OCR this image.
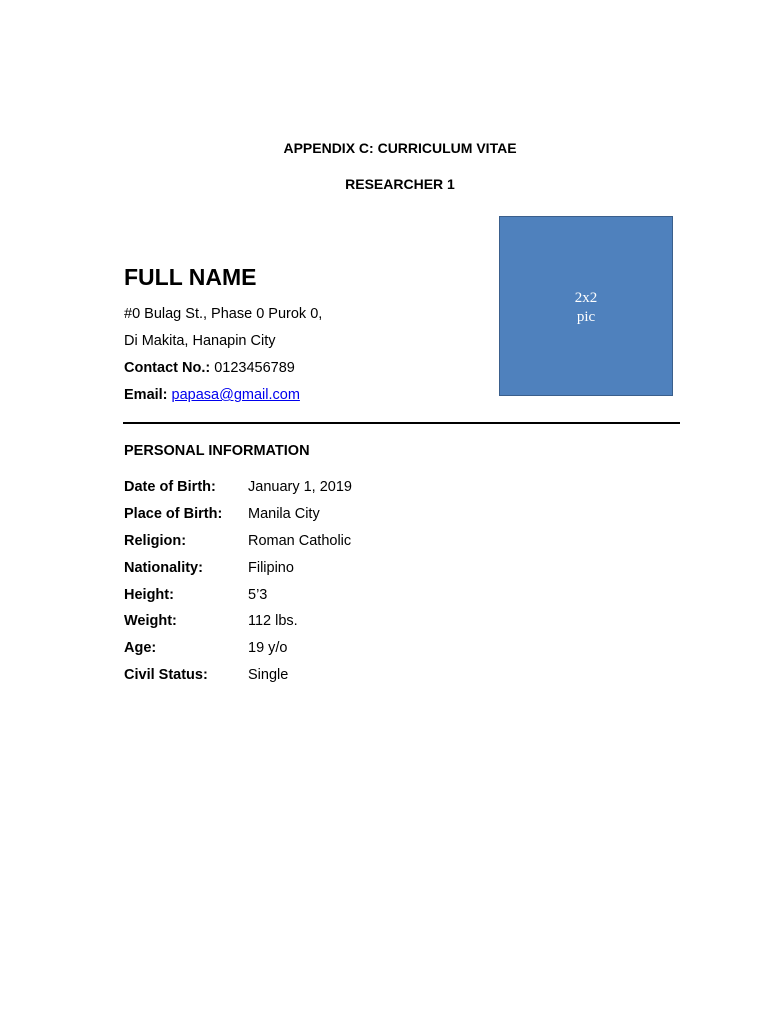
APPENDIX C: CURRICULUM VITAE
RESEARCHER 1
2x2
pic
FULL NAME
#0 Bulag St., Phase 0 Purok 0,
Di Makita, Hanapin City
Contact No.: 0123456789
Email: papasa@gmail.com
PERSONAL INFORMATION
Date of Birth: January 1, 2019
Place of Birth: Manila City
Religion:	Roman Catholic
Nationality:	Filipino
Height:	5’3
Weight:	112 lbs.
Age:	19 y/o
Civil Status:	Single
